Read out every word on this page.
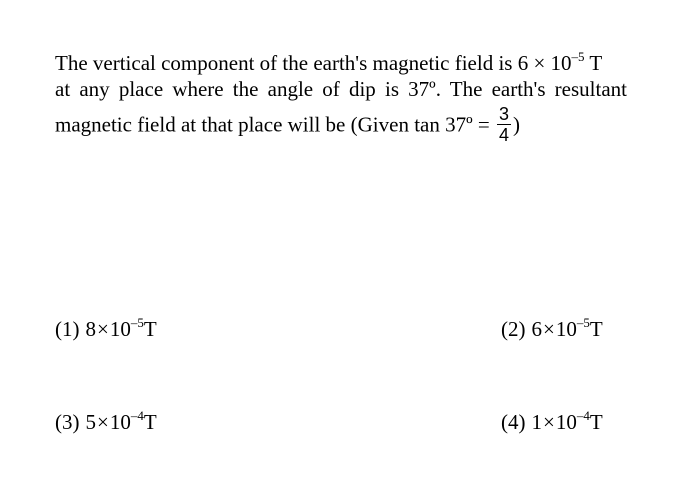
The vertical component of the earth's magnetic field is $6 \times 10^{-5}$ T
at any place where the angle of dip is 37º. The earth's resultant
magnetic field at that place will be (Given tan 37º = $\frac{3}{4}$ )
(1) $8\times 10^{-5}T$	(2) $6\times 10^{-5}T$
(3) $5\times 10^{-4}T$	(4) $1\times 10^{-4}T$
